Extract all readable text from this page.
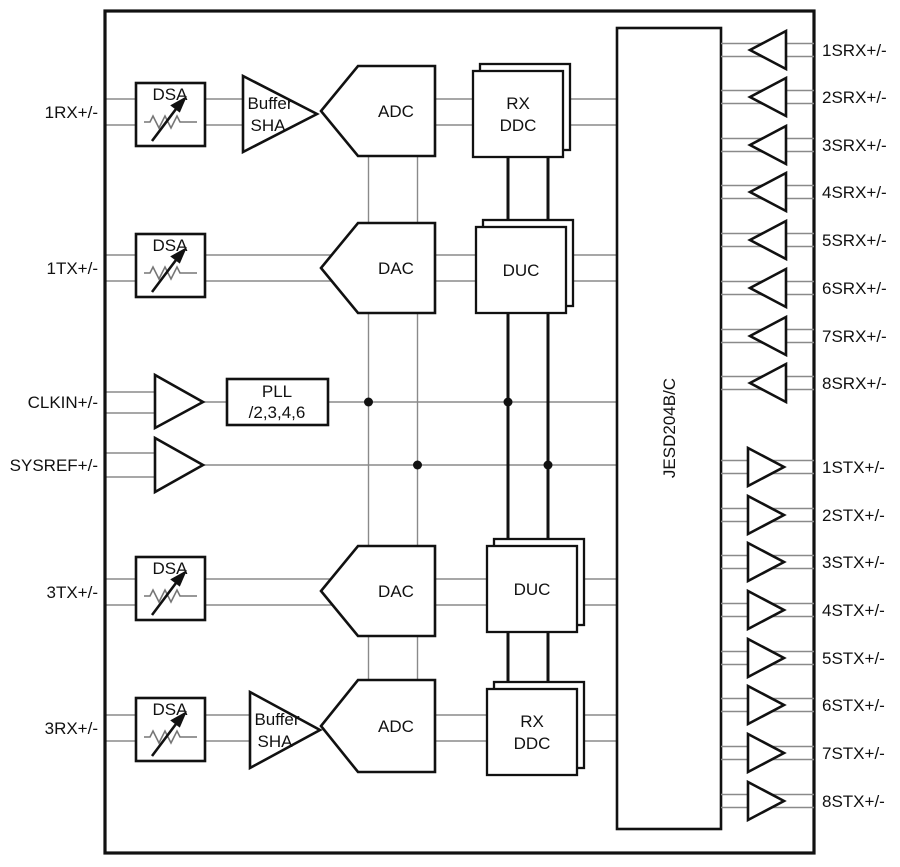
JESD204B/C
RX
DDC
DUC
DUC
RX
DDC
ADC
DAC
DAC
ADC
Buffer
SHA
Buffer
SHA
PLL
/2,3,4,6
DSA
DSA
DSA
DSA
1RX+/-
1TX+/-
CLKIN+/-
SYSREF+/-
3TX+/-
3RX+/-
1SRX+/-
2SRX+/-
3SRX+/-
4SRX+/-
5SRX+/-
6SRX+/-
7SRX+/-
8SRX+/-
1STX+/-
2STX+/-
3STX+/-
4STX+/-
5STX+/-
6STX+/-
7STX+/-
8STX+/-
